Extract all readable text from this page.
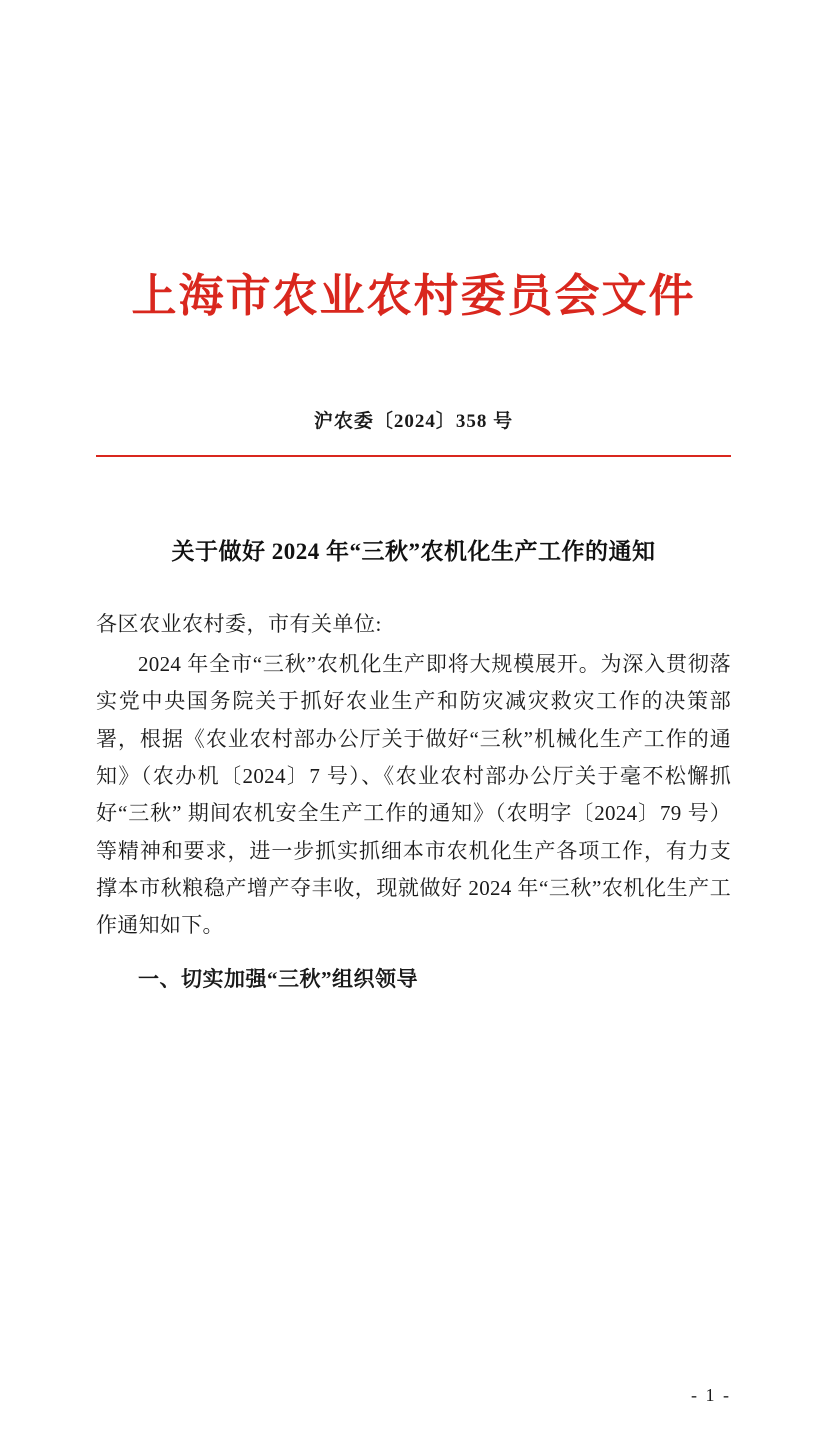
上海市农业农村委员会文件
沪农委〔2024〕358 号
关于做好 2024 年“三秋”农机化生产工作的通知
各区农业农村委，市有关单位:
2024 年全市“三秋”农机化生产即将大规模展开。为深入贯彻落实党中央国务院关于抓好农业生产和防灾减灾救灾工作的决策部署，根据《农业农村部办公厅关于做好“三秋”机械化生产工作的通知》（农办机〔2024〕7 号）、《农业农村部办公厅关于毫不松懈抓好“三秋” 期间农机安全生产工作的通知》（农明字〔2024〕79 号）等精神和要求，进一步抓实抓细本市农机化生产各项工作，有力支撑本市秋粮稳产增产夺丰收，现就做好 2024 年“三秋”农机化生产工作通知如下。
一、切实加强“三秋”组织领导
- 1 -
